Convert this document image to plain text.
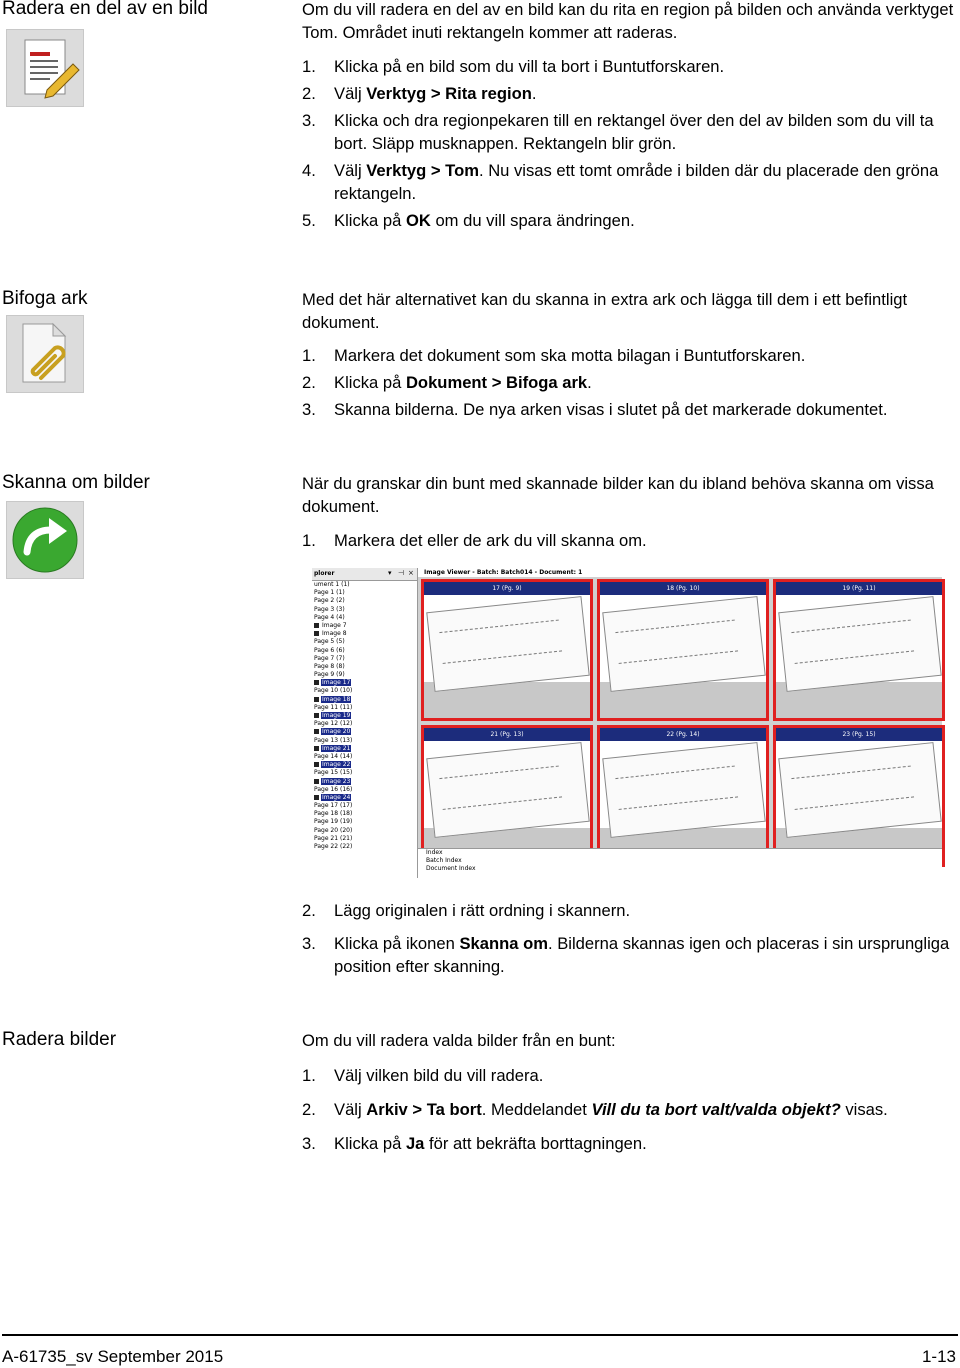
Radera en del av en bild	Om du vill radera en del av en bild kan du rita en region på bilden och använda verktyget Tom. Området inuti rektangeln kommer att raderas.

1. Klicka på en bild som du vill ta bort i Buntutforskaren.
2. Välj Verktyg > Rita region.
3. Klicka och dra regionpekaren till en rektangel över den del av bilden som du vill ta bort. Släpp musknappen. Rektangeln blir grön.
4. Välj Verktyg > Tom. Nu visas ett tomt område i bilden där du placerade den gröna rektangeln.
5. Klicka på OK om du vill spara ändringen.
Bifoga ark	Med det här alternativet kan du skanna in extra ark och lägga till dem i ett befintligt dokument.

1. Markera det dokument som ska motta bilagan i Buntutforskaren.
2. Klicka på Dokument > Bifoga ark.
3. Skanna bilderna. De nya arken visas i slutet på det markerade dokumentet.
Skanna om bilder	När du granskar din bunt med skannade bilder kan du ibland behöva skanna om vissa dokument.

1. Markera det eller de ark du vill skanna om.
plorer	▾ ⊣ ×
ument 1 (1)
Page 1 (1)
Page 2 (2)
Page 3 (3)
Page 4 (4)
Image 7
Image 8
Page 5 (5)
Page 6 (6)
Page 7 (7)
Page 8 (8)
Page 9 (9)
Image 17
Page 10 (10)
Image 18
Page 11 (11)
Image 19
Page 12 (12)
Image 20
Page 13 (13)
Image 21
Page 14 (14)
Image 22
Page 15 (15)
Image 23
Page 16 (16)
Image 24
Page 17 (17)
Page 18 (18)
Page 19 (19)
Page 20 (20)
Page 21 (21)
Page 22 (22)
Image Viewer - Batch: Batch014 - Document: 1
17 (Pg. 9)	18 (Pg. 10)	19 (Pg. 11)
21 (Pg. 13)	22 (Pg. 14)	23 (Pg. 15)
Index
Batch Index
Document Index
2. Lägg originalen i rätt ordning i skannern.
3. Klicka på ikonen Skanna om. Bilderna skannas igen och placeras i sin ursprungliga position efter skanning.
Radera bilder	Om du vill radera valda bilder från en bunt:

1. Välj vilken bild du vill radera.
2. Välj Arkiv > Ta bort. Meddelandet Vill du ta bort valt/valda objekt? visas.
3. Klicka på Ja för att bekräfta borttagningen.
A-61735_sv September 2015	1-13
